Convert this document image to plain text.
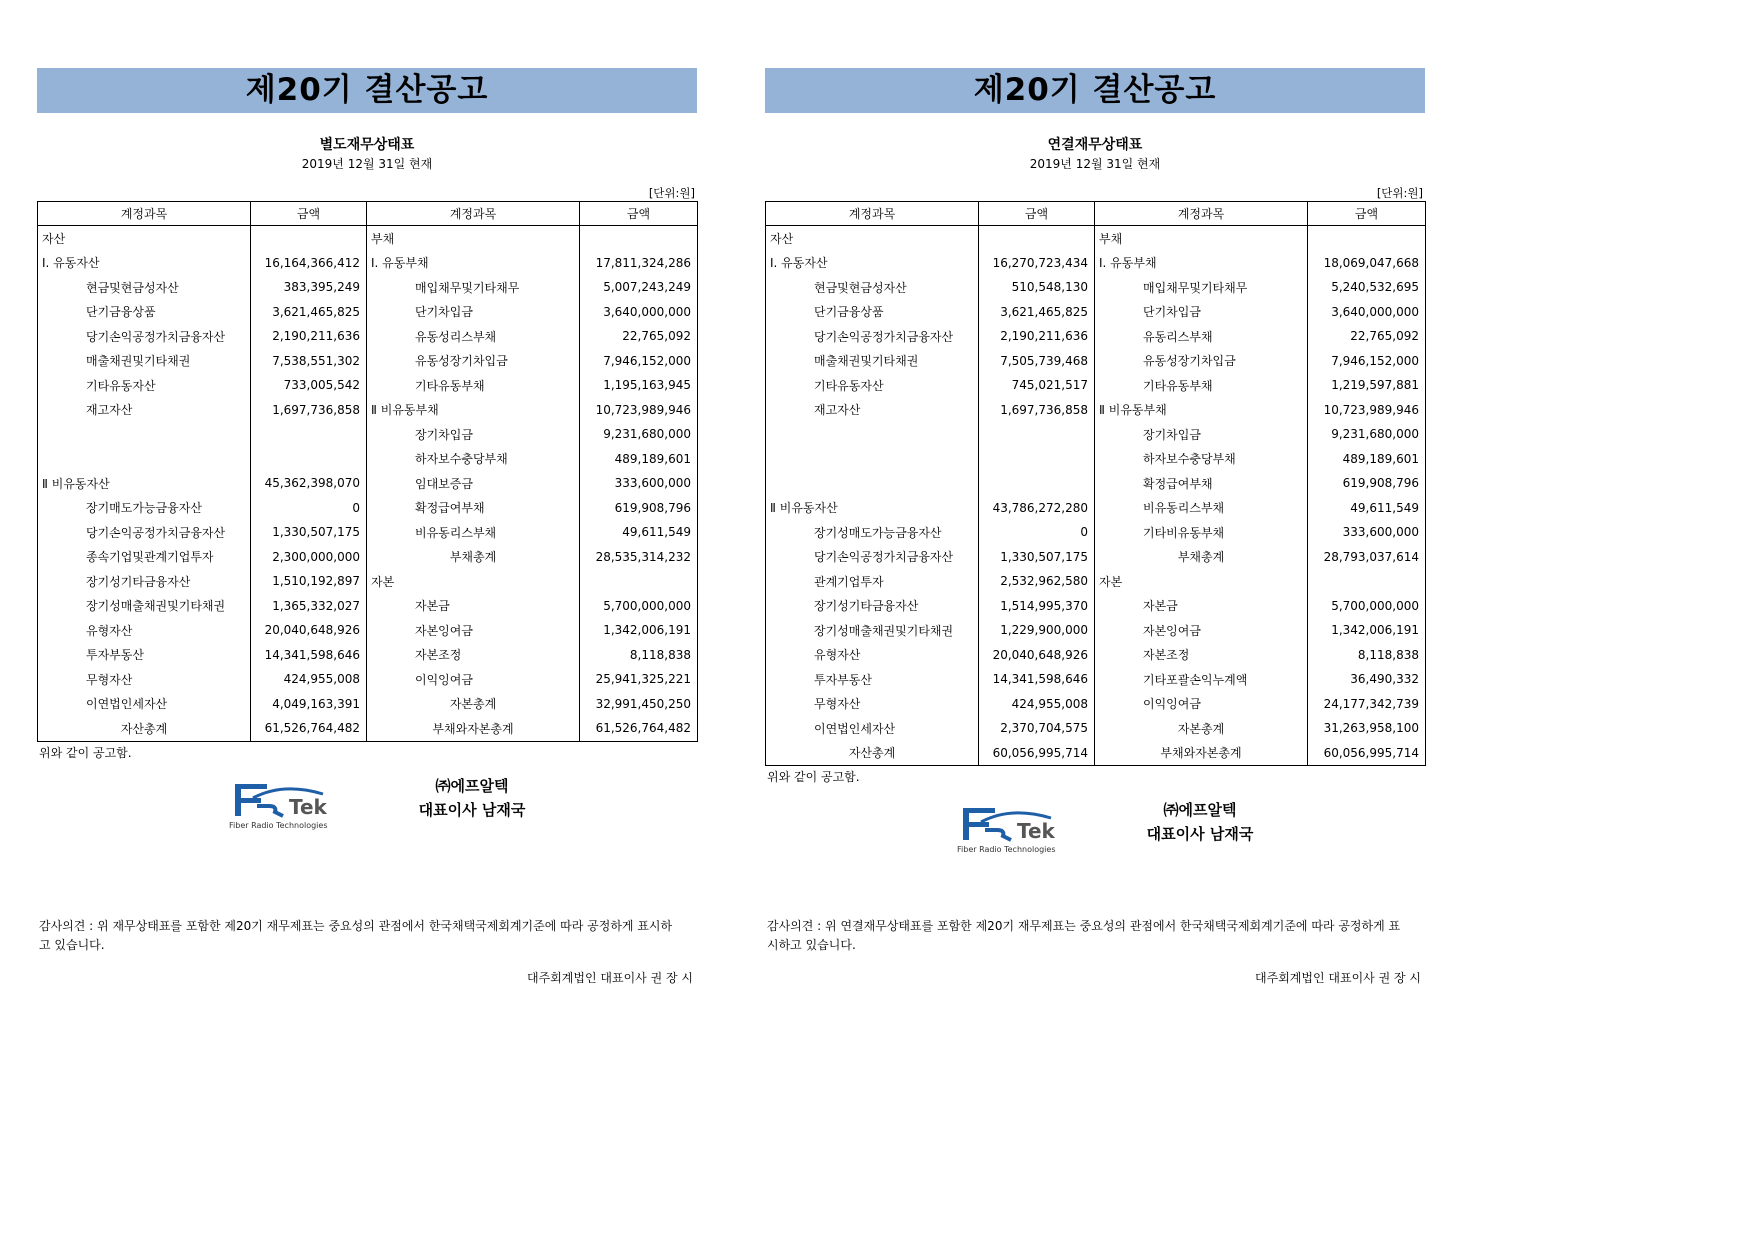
제20기 결산공고
별도재무상태표
2019년 12월 31일 현재
[단위:원]
계정과목	금액	계정과목	금액
자산		부채	
Ⅰ. 유동자산	16,164,366,412	Ⅰ. 유동부채	17,811,324,286
현금및현금성자산	383,395,249	매입채무및기타채무	5,007,243,249
단기금융상품	3,621,465,825	단기차입금	3,640,000,000
당기손익공정가치금융자산	2,190,211,636	유동성리스부채	22,765,092
매출채권및기타채권	7,538,551,302	유동성장기차입금	7,946,152,000
기타유동자산	733,005,542	기타유동부채	1,195,163,945
재고자산	1,697,736,858	Ⅱ 비유동부채	10,723,989,946
		장기차입금	9,231,680,000
		하자보수충당부채	489,189,601
Ⅱ 비유동자산	45,362,398,070	임대보증금	333,600,000
장기매도가능금융자산	0	확정급여부채	619,908,796
당기손익공정가치금융자산	1,330,507,175	비유동리스부채	49,611,549
종속기업및관계기업투자	2,300,000,000	부채총계	28,535,314,232
장기성기타금융자산	1,510,192,897	자본	
장기성매출채권및기타채권	1,365,332,027	자본금	5,700,000,000
유형자산	20,040,648,926	자본잉여금	1,342,006,191
투자부동산	14,341,598,646	자본조정	8,118,838
무형자산	424,955,008	이익잉여금	25,941,325,221
이연법인세자산	4,049,163,391	자본총계	32,991,450,250
자산총계	61,526,764,482	부채와자본총계	61,526,764,482
위와 같이 공고함.
Tek
Fiber Radio Technologies
㈜에프알텍
대표이사 남재국
제20기 결산공고
연결재무상태표
2019년 12월 31일 현재
[단위:원]
계정과목	금액	계정과목	금액
자산		부채	
Ⅰ. 유동자산	16,270,723,434	Ⅰ. 유동부채	18,069,047,668
현금및현금성자산	510,548,130	매입채무및기타채무	5,240,532,695
단기금융상품	3,621,465,825	단기차입금	3,640,000,000
당기손익공정가치금융자산	2,190,211,636	유동리스부채	22,765,092
매출채권및기타채권	7,505,739,468	유동성장기차입금	7,946,152,000
기타유동자산	745,021,517	기타유동부채	1,219,597,881
재고자산	1,697,736,858	Ⅱ 비유동부채	10,723,989,946
		장기차입금	9,231,680,000
		하자보수충당부채	489,189,601
		확정급여부채	619,908,796
Ⅱ 비유동자산	43,786,272,280	비유동리스부채	49,611,549
장기성매도가능금융자산	0	기타비유동부채	333,600,000
당기손익공정가치금융자산	1,330,507,175	부채총계	28,793,037,614
관계기업투자	2,532,962,580	자본	
장기성기타금융자산	1,514,995,370	자본금	5,700,000,000
장기성매출채권및기타채권	1,229,900,000	자본잉여금	1,342,006,191
유형자산	20,040,648,926	자본조정	8,118,838
투자부동산	14,341,598,646	기타포괄손익누계액	36,490,332
무형자산	424,955,008	이익잉여금	24,177,342,739
이연법인세자산	2,370,704,575	자본총계	31,263,958,100
자산총계	60,056,995,714	부채와자본총계	60,056,995,714
위와 같이 공고함.
Tek
Fiber Radio Technologies
㈜에프알텍
대표이사 남재국
감사의견 : 위 재무상태표를 포함한 제20기 재무제표는 중요성의 관점에서 한국채택국제회계기준에 따라 공정하게 표시하고 있습니다.
대주회계법인 대표이사 권 장 시
감사의견 : 위 연결재무상태표를 포함한 제20기 재무제표는 중요성의 관점에서 한국채택국제회계기준에 따라 공정하게 표시하고 있습니다.
대주회계법인 대표이사 권 장 시
